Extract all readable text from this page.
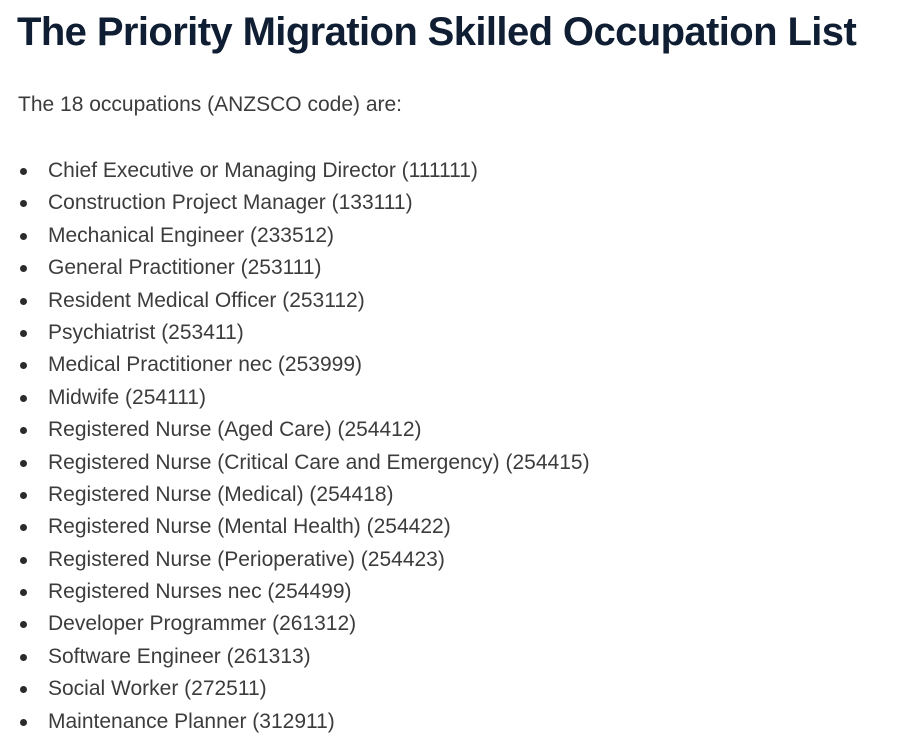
The Priority Migration Skilled Occupation List

The 18 occupations (ANZSCO code) are:

Chief Executive or Managing Director (111111)
Construction Project Manager (133111)
Mechanical Engineer (233512)
General Practitioner (253111)
Resident Medical Officer (253112)
Psychiatrist (253411)
Medical Practitioner nec (253999)
Midwife (254111)
Registered Nurse (Aged Care) (254412)
Registered Nurse (Critical Care and Emergency) (254415)
Registered Nurse (Medical) (254418)
Registered Nurse (Mental Health) (254422)
Registered Nurse (Perioperative) (254423)
Registered Nurses nec (254499)
Developer Programmer (261312)
Software Engineer (261313)
Social Worker (272511)
Maintenance Planner (312911)
